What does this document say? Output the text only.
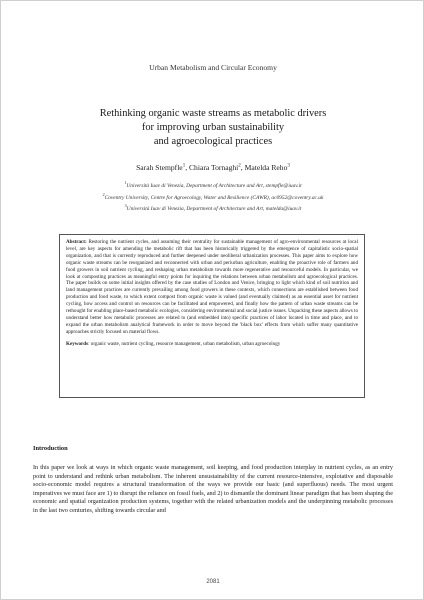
Urban Metabolism and Circular Economy
Rethinking organic waste streams as metabolic drivers
for improving urban sustainability
and agroecological practices
Sarah Stempfle$^1$, Chiara Tornaghi$^2$, Matelda Reho$^3$
$^1$Università Iuav di Venezia, Department of Architecture and Art, stempfle@iuav.it
$^2$Coventry University, Centre for Agroecology, Water and Resilience (CAWR), ac0952@coventry.ac.uk
$^3$Università Iuav di Venezia, Department of Architecture and Art, matelda@iuav.it
Abstract: Restoring the nutrient cycles, and assuming their centrality for sustainable management of agro-environmental resources at local level, are key aspects for amending the metabolic rift that has been historically triggered by the emergence of capitalistic socio-spatial organization, and that is currently reproduced and further deepened under neoliberal urbanization processes. This paper aims to explore how organic waste streams can be reorganized and reconnected with urban and periurban agriculture, enabling the proactive role of farmers and food growers in soil nutrient cycling, and reshaping urban metabolism towards more regenerative and resourceful models. In particular, we look at composting practices as meaningful entry points for inquiring the relations between urban metabolism and agroecological practices. The paper builds on some initial insights offered by the case studies of London and Venice, bringing to light which kind of soil nutrition and land management practices are currently prevailing among food growers in these contexts, which connections are established between food production and food waste, to which extent compost from organic waste is valued (and eventually claimed) as an essential asset for nutrient cycling, how access and control on resources can be facilitated and empowered, and finally how the pattern of urban waste streams can be rethought for enabling place-based metabolic ecologies, considering environmental and social justice issues. Unpacking these aspects allows to understand better how metabolic processes are related to (and embedded into) specific practices of labor located in time and place, and to expand the urban metabolism analytical framework in order to move beyond the 'black box' effects from which suffer many quantitative approaches strictly focused on material flows.
Keywords: organic waste, nutrient cycling, resource management, urban metabolism, urban agroecology
Introduction
In this paper we look at ways in which organic waste management, soil keeping, and food production interplay in nutrient cycles, as an entry point to understand and rethink urban metabolism. The inherent unsustainability of the current resource-intensive, explotative and disposable socio-economic model requires a structural transformation of the ways we provide our basic (and superfluous) needs. The most urgent imperatives we must face are 1) to disrupt the reliance on fossil fuels, and 2) to dismantle the dominant linear paradigm that has been shaping the economic and spatial organization production systems, together with the related urbanization models and the underpinning metabolic processes in the last two centuries, shifting towards circular and
2081
